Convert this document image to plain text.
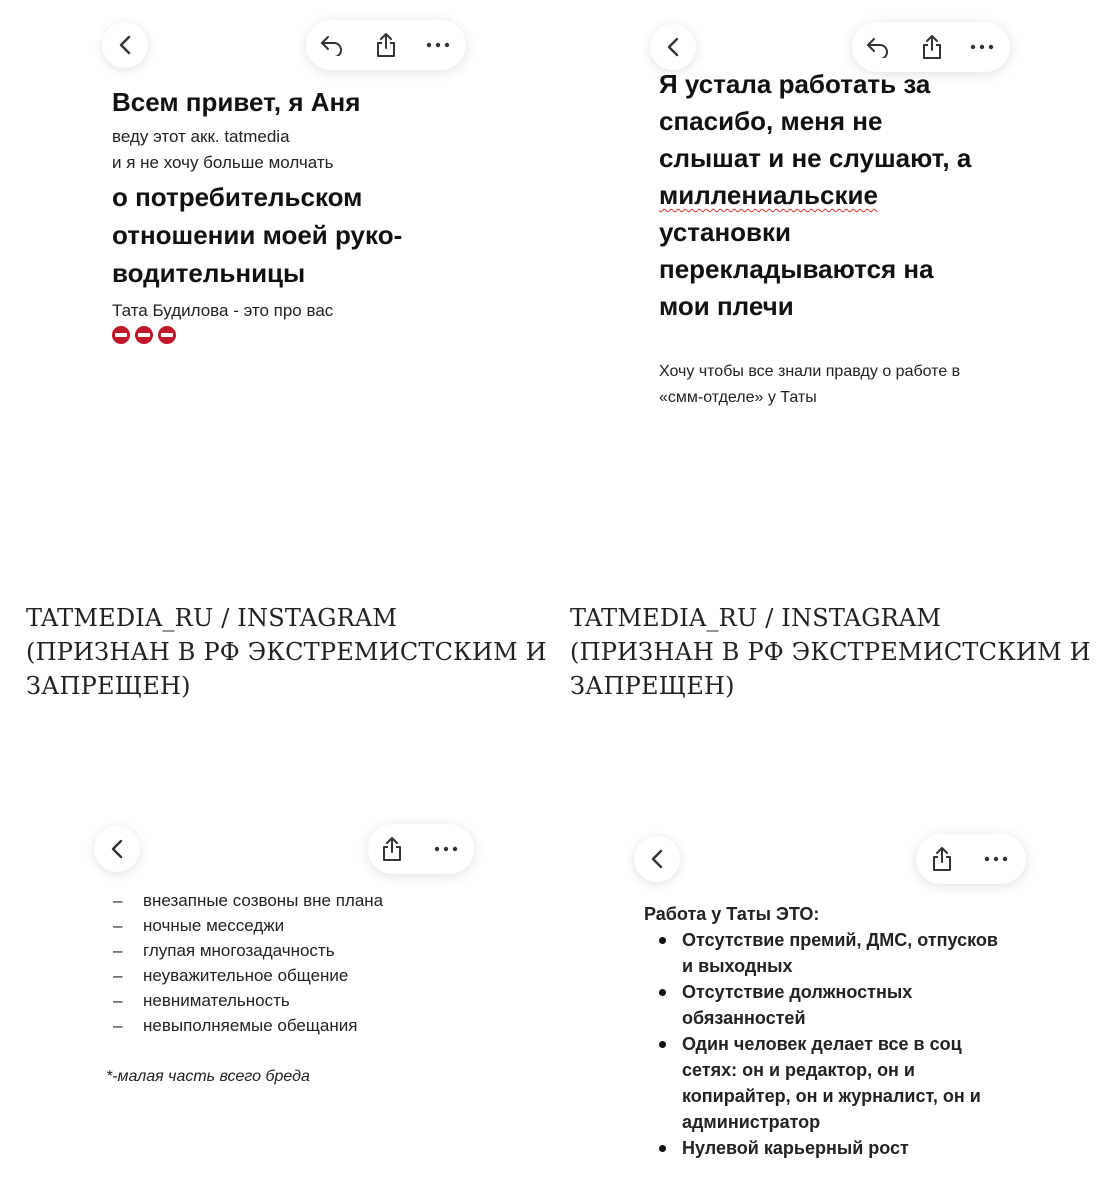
Всем привет, я Аня
веду этот акк. tatmedia
и я не хочу больше молчать
о потребительском
отношении моей руко-
водительницы
Тата Будилова - это про вас
Я устала работать за
спасибо, меня не
слышат и не слушают, а
миллениальские
установки
перекладываются на
мои плечи
Хочу чтобы все знали правду о работе в
«смм-отделе» у Таты
TATMEDIA_RU / INSTAGRAM
(ПРИЗНАН В РФ ЭКСТРЕМИСТСКИМ И
ЗАПРЕЩЕН)
TATMEDIA_RU / INSTAGRAM
(ПРИЗНАН В РФ ЭКСТРЕМИСТСКИМ И
ЗАПРЕЩЕН)
– внезапные созвоны вне плана
– ночные месседжи
– глупая многозадачность
– неуважительное общение
– невнимательность
– невыполняемые обещания
*-малая часть всего бреда
Работа у Таты ЭТО:
Отсутствие премий, ДМС, отпусков
и выходных
Отсутствие должностных
обязанностей
Один человек делает все в соц
сетях: он и редактор, он и
копирайтер, он и журналист, он и
администратор
Нулевой карьерный рост
